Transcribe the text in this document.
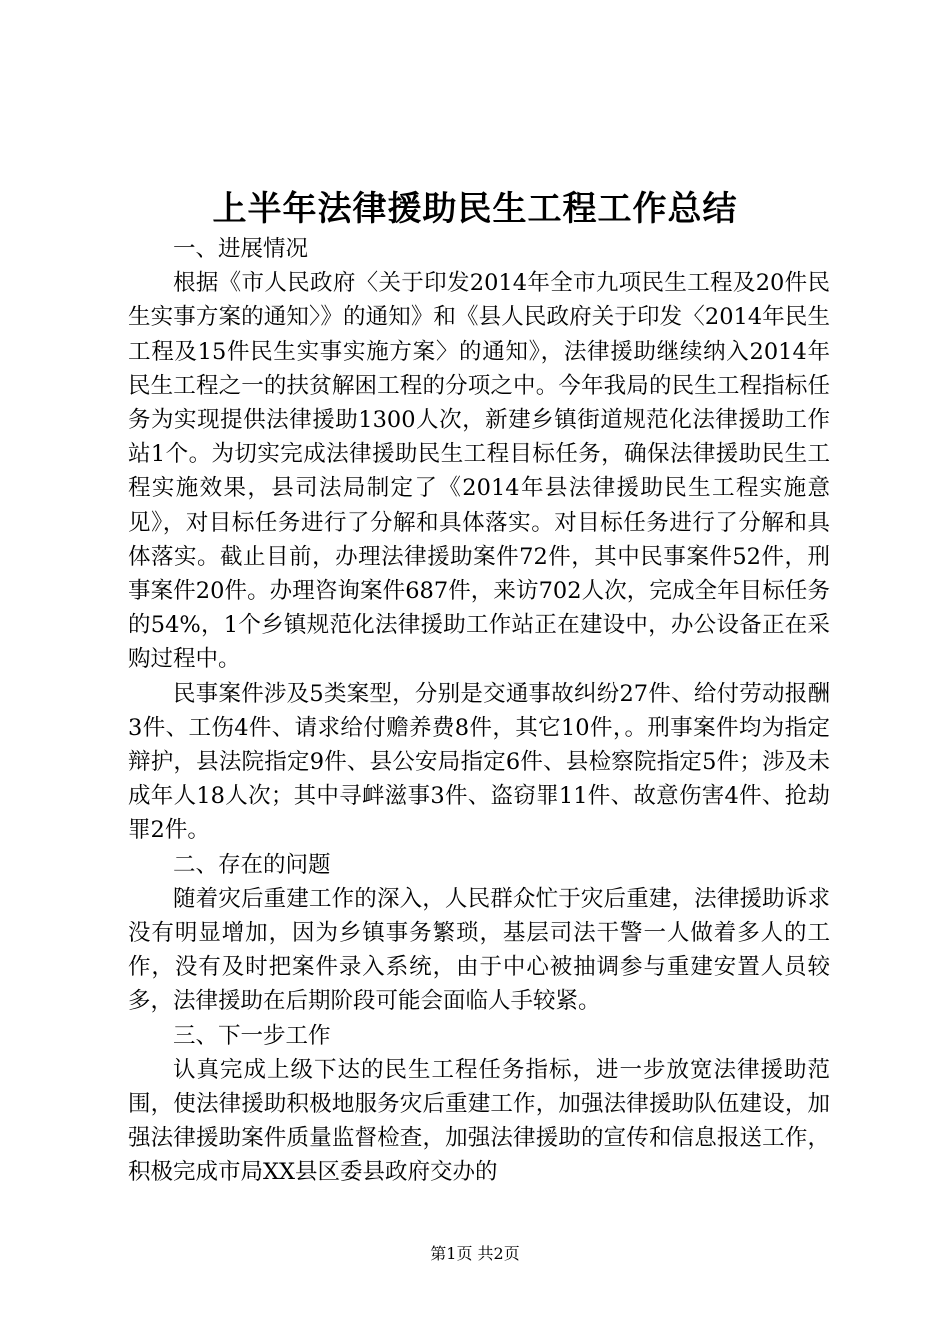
上半年法律援助民生工程工作总结

一、进展情况

根据《市人民政府〈关于印发2014年全市九项民生工程及20件民生实事方案的通知〉》的通知》和《县人民政府关于印发〈2014年民生工程及15件民生实事实施方案〉的通知》，法律援助继续纳入2014年民生工程之一的扶贫解困工程的分项之中。今年我局的民生工程指标任务为实现提供法律援助1300人次，新建乡镇街道规范化法律援助工作站1个。为切实完成法律援助民生工程目标任务，确保法律援助民生工程实施效果，县司法局制定了《2014年县法律援助民生工程实施意见》，对目标任务进行了分解和具体落实。对目标任务进行了分解和具体落实。截止目前，办理法律援助案件72件，其中民事案件52件，刑事案件20件。办理咨询案件687件，来访702人次，完成全年目标任务的54%，1个乡镇规范化法律援助工作站正在建设中，办公设备正在采购过程中。

民事案件涉及5类案型，分别是交通事故纠纷27件、给付劳动报酬3件、工伤4件、请求给付赡养费8件，其它10件，。刑事案件均为指定辩护，县法院指定9件、县公安局指定6件、县检察院指定5件；涉及未成年人18人次；其中寻衅滋事3件、盗窃罪11件、故意伤害4件、抢劫罪2件。

二、存在的问题

随着灾后重建工作的深入，人民群众忙于灾后重建，法律援助诉求没有明显增加，因为乡镇事务繁琐，基层司法干警一人做着多人的工作，没有及时把案件录入系统，由于中心被抽调参与重建安置人员较多，法律援助在后期阶段可能会面临人手较紧。

三、下一步工作

认真完成上级下达的民生工程任务指标，进一步放宽法律援助范围，使法律援助积极地服务灾后重建工作，加强法律援助队伍建设，加强法律援助案件质量监督检查，加强法律援助的宣传和信息报送工作，积极完成市局XX县区委县政府交办的

第1页 共2页
